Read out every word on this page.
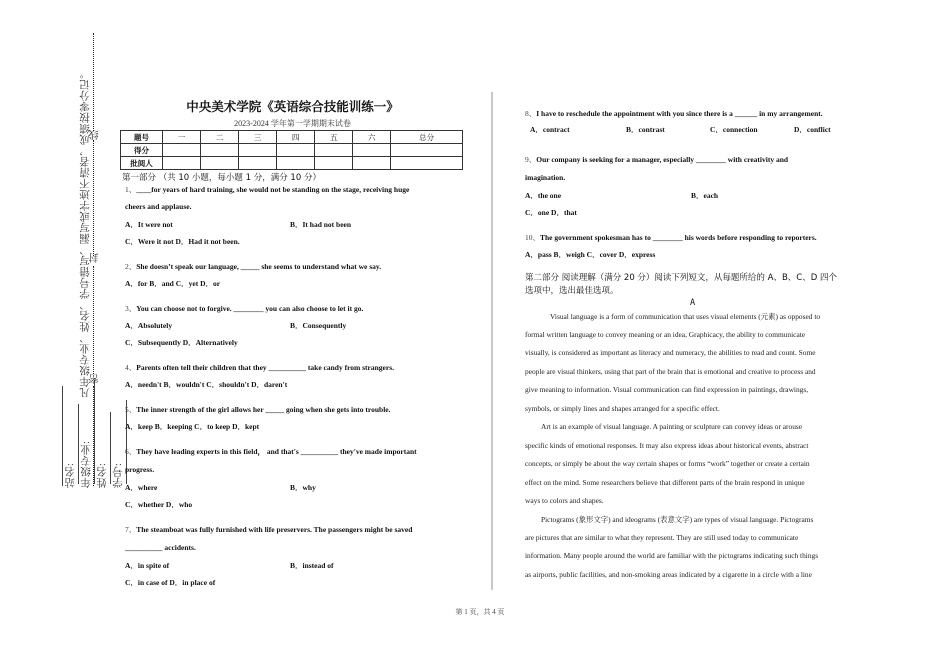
站名: 年级专业: 姓名: 学号:
凡年级专业、姓名、学号错写、漏写或字迹不清者，成绩按零分记。 线
封
密
中央美术学院《英语综合技能训练一》
2023-2024 学年第一学期期末试卷
题号	一	二	三	四	五	六	总分
得分							
批阅人							
第一部分 （共 10 小题，每小题 1 分，满分 10 分）
1、____for years of hard training, she would not be standing on the stage, receiving huge
cheers and applause.
A．It were not	B．It had not been
C．Were it not D．Had it not been.
2、She doesn’t speak our language, _____ she seems to understand what we say.
A．for B．and C．yet D．or
3、You can choose not to forgive. ________ you can also choose to let it go.
A．Absolutely	B．Consequently
C．Subsequently D．Alternatively
4、Parents often tell their children that they __________ take candy from strangers.
A．needn't B．wouldn't C．shouldn't D．daren't
5、The inner strength of the girl allows her _____ going when she gets into trouble.
A．keep B．keeping C．to keep D．kept
6、They have leading experts in this field， and that's __________ they've made important
progress.
A．where	B．why
C．whether D．who
7、The steamboat was fully furnished with life preservers. The passengers might be saved
__________ accidents.
A．in spite of	B．instead of
C．in case of D．in place of
8、I have to reschedule the appointment with you since there is a ______ in my arrangement.
A．contract	B．contrast	C．connection	D．conflict
9、Our company is seeking for a manager, especially ________ with creativity and
imagination.
A．the one	B．each
C．one D．that
10、The government spokesman has to ________ his words before responding to reporters.
A．pass B．weigh C．cover D．express
第二部分 阅读理解（满分 20 分）阅读下列短文，从每题所给的 A、B、C、D 四个
选项中，选出最佳选项。
A
Visual language is a form of communication that uses visual elements (元素) as opposed to
formal written language to convey meaning or an idea, Graphicacy, the ability to communicate
visually, is considered as important as literacy and numeracy, the abilities to read and count. Some
people are visual thinkers, using that part of the brain that is emotional and creative to process and
give meaning to information. Visual communication can find expression in paintings, drawings,
symbols, or simply lines and shapes arranged for a specific effect.
Art is an example of visual language. A painting or sculpture can convey ideas or arouse
specific kinds of emotional responses. It may also express ideas about historical events, abstract
concepts, or simply be about the way certain shapes or forms “work” together or create a certain
effect on the mind. Some researchers believe that different parts of the brain respond in unique
ways to colors and shapes.
Pictograms (象形文字) and ideograms (表意文字) are types of visual language. Pictograms
are pictures that are similar to what they represent. They are still used today to communicate
information. Many people around the world are familiar with the pictograms indicating such things
as airports, public facilities, and non-smoking areas indicated by a cigarette in a circle with a line
第 1 页，共 4 页
